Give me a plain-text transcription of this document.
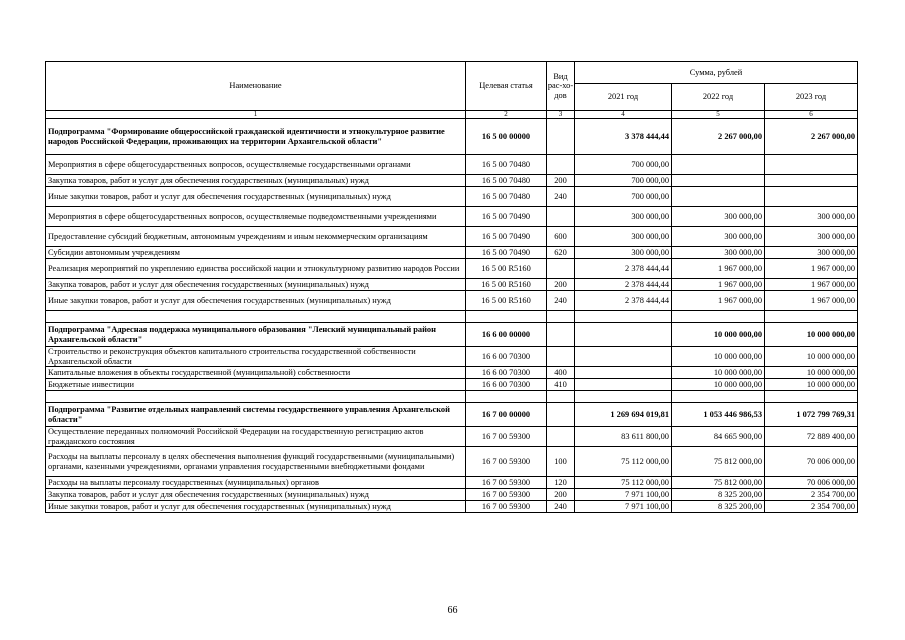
Наименование	Целевая статья	Вид рас-хо-дов	Сумма, рублей		
			2021 год	2022 год	2023 год
1	2	3	4	5	6
Подпрограмма "Формирование общероссийской гражданской идентичности и этнокультурное развитие народов Российской Федерации, проживающих на территории Архангельской области"	16 5 00 00000		3 378 444,44	2 267 000,00	2 267 000,00
Мероприятия в сфере общегосударственных вопросов, осуществляемые государственными органами	16 5 00 70480		700 000,00		
Закупка товаров, работ и услуг для обеспечения государственных (муниципальных) нужд	16 5 00 70480	200	700 000,00		
Иные закупки товаров, работ и услуг для обеспечения государственных (муниципальных) нужд	16 5 00 70480	240	700 000,00		
Мероприятия в сфере общегосударственных вопросов, осуществляемые подведомственными учреждениями	16 5 00 70490		300 000,00	300 000,00	300 000,00
Предоставление субсидий бюджетным, автономным учреждениям и иным некоммерческим организациям	16 5 00 70490	600	300 000,00	300 000,00	300 000,00
Субсидии автономным учреждениям	16 5 00 70490	620	300 000,00	300 000,00	300 000,00
Реализация мероприятий по укреплению единства российской нации и этнокультурному развитию народов России	16 5 00 R5160		2 378 444,44	1 967 000,00	1 967 000,00
Закупка товаров, работ и услуг для обеспечения государственных (муниципальных) нужд	16 5 00 R5160	200	2 378 444,44	1 967 000,00	1 967 000,00
Иные закупки товаров, работ и услуг для обеспечения государственных (муниципальных) нужд	16 5 00 R5160	240	2 378 444,44	1 967 000,00	1 967 000,00

Подпрограмма "Адресная поддержка муниципального образования "Ленский муниципальный район Архангельской области"	16 6 00 00000			10 000 000,00	10 000 000,00
Строительство и реконструкция объектов капитального строительства государственной собственности Архангельской области	16 6 00 70300			10 000 000,00	10 000 000,00
Капитальные вложения в объекты государственной (муниципальной) собственности	16 6 00 70300	400		10 000 000,00	10 000 000,00
Бюджетные инвестиции	16 6 00 70300	410		10 000 000,00	10 000 000,00

Подпрограмма "Развитие отдельных направлений системы государственного управления Архангельской области"	16 7 00 00000		1 269 694 019,81	1 053 446 986,53	1 072 799 769,31
Осуществление переданных полномочий Российской Федерации на государственную регистрацию актов гражданского состояния	16 7 00 59300		83 611 800,00	84 665 900,00	72 889 400,00
Расходы на выплаты персоналу в целях обеспечения выполнения функций государственными (муниципальными) органами, казенными учреждениями, органами управления государственными внебюджетными фондами	16 7 00 59300	100	75 112 000,00	75 812 000,00	70 006 000,00
Расходы на выплаты персоналу государственных (муниципальных) органов	16 7 00 59300	120	75 112 000,00	75 812 000,00	70 006 000,00
Закупка товаров, работ и услуг для обеспечения государственных (муниципальных) нужд	16 7 00 59300	200	7 971 100,00	8 325 200,00	2 354 700,00
Иные закупки товаров, работ и услуг для обеспечения государственных (муниципальных) нужд	16 7 00 59300	240	7 971 100,00	8 325 200,00	2 354 700,00
66
